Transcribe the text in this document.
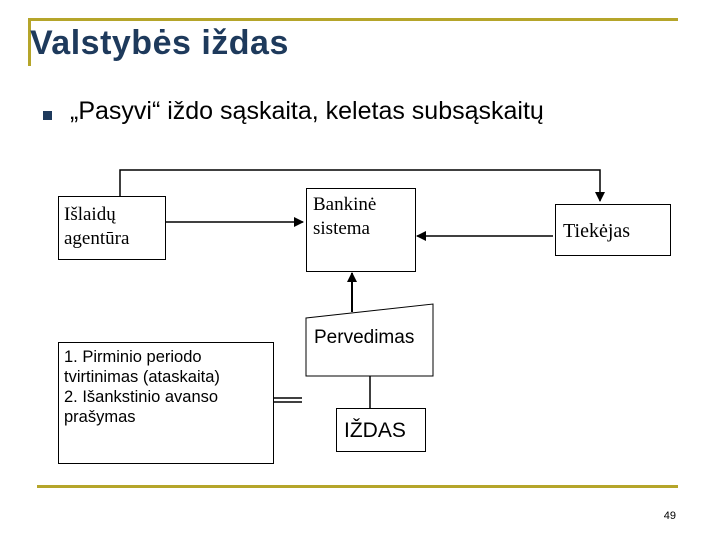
Valstybės iždas
„Pasyvi“ iždo sąskaita, keletas subsąskaitų
Išlaidų
agentūra
Bankinė
sistema	Tiekėjas
Pervedimas
IŽDAS
1. Pirminio periodo
tvirtinimas (ataskaita)
2. Išankstinio avanso
prašymas
49
